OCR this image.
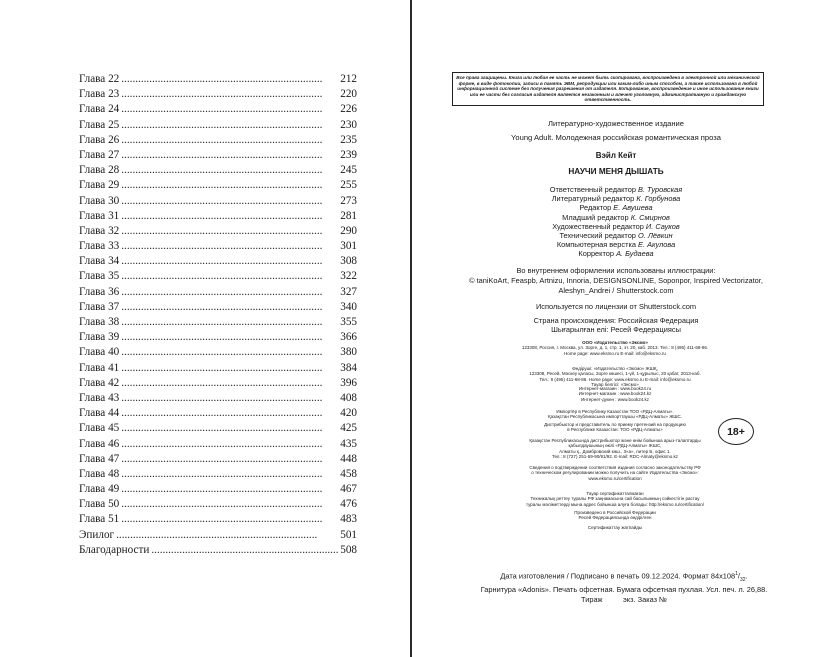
Глава 22 . . .	212
Глава 23 . . .	220
Глава 24 . . .	226
Глава 25 . . .	230
Глава 26 . . .	235
Глава 27 . . .	239
Глава 28 . . .	245
Глава 29 . . .	255
Глава 30 . . .	273
Глава 31 . . .	281
Глава 32 . . .	290
Глава 33 . . .	301
Глава 34 . . .	308
Глава 35 . . .	322
Глава 36 . . .	327
Глава 37 . . .	340
Глава 38 . . .	355
Глава 39 . . .	366
Глава 40 . . .	380
Глава 41 . . .	384
Глава 42 . . .	396
Глава 43 . . .	408
Глава 44 . . .	420
Глава 45 . . .	425
Глава 46 . . .	435
Глава 47 . . .	448
Глава 48 . . .	458
Глава 49 . . .	467
Глава 50 . . .	476
Глава 51 . . .	483
Эпилог . . .	501
Благодарности . . .	508
Все права защищены. Книга или любая ее часть не может быть скопирована, воспроизведена в электронной или механической форме, в виде фотокопии, записи в память ЭВМ, репродукции или каким-либо иным способом, а также использована в любой информационной системе без получения разрешения от издателя. Копирование, воспроизведение и иное использование книги или ее части без согласия издателя является незаконным и влечет уголовную, административную и гражданскую ответственность.
Литературно-художественное издание
Young Adult. Молодежная российская романтическая проза
Вэйл Кейт
НАУЧИ МЕНЯ ДЫШАТЬ
Ответственный редактор В. Туровская
Литературный редактор К. Горбунова
Редактор Е. Авушева
Младший редактор К. Смирнов
Художественный редактор И. Сауков
Технический редактор О. Лёвкин
Компьютерная верстка Е. Акулова
Корректор А. Будаева
Во внутреннем оформлении использованы иллюстрации:
© taniKoArt, Feaspb, Artnizu, Innoria, DESIGNSONLINE, Soponpor, Inspired Vectorizator, Aleshyn_Andrei / Shutterstock.com
Используется по лицензии от Shutterstock.com
Страна происхождения: Российская Федерация
Шығарылған елі: Ресей Федерациясы
ООО «Издательство «Эксмо»
123308, Россия, г. Москва, ул. Зорге, д. 1, стр. 1, эт. 20, каб. 2013. Тел.: 8 (495) 411-68-86.
Home page: www.eksmo.ru E-mail: info@eksmo.ru
Өндіруші: «Издательство «Эксмо» ЖШҚ,
123308, Ресей, Мәскеу қаласы, Зорге көшесі, 1-үй, 1-құрылыс, 20 қабат, 2013-каб.
Тел.: 8 (495) 411-68-86. Home page: www.eksmo.ru E-mail: info@eksmo.ru
Тауар белгісі: «Эксмо»
Интернет-магазин : www.book24.ru
Интернет-магазин : www.book24.kz
Интернет-дүкен : www.book24.kz
Импортёр в Республику Казахстан ТОО «РДЦ-Алматы».
Қазақстан Республикасына импорттаушы «РДЦ-Алматы» ЖШС.
Дистрибьютор и представитель по приему претензий на продукцию
в Республике Казахстан: ТОО «РДЦ-Алматы»
Қазақстан Республикасында дистрибьютор және өнім бойынша арыз-талаптарды
қабылдаушының өкілі «РДЦ-Алматы» ЖШС,
Алматы қ., Домбровский көш., 3«а», литер Б, офис 1.
Тел.: 8 (727) 251-59-90/91/92. E-mail: RDC-Almaty@eksmo.kz
Сведения о подтверждении соответствия издания согласно законодательству РФ
о техническом регулировании можно получить на сайте Издательства «Эксмо»:
www.eksmo.ru/certification
Тауар сертификатталмаған
Техникалық реттеу туралы РФ заңнамасына сай басылымның сәйкестігін растау
туралы мәліметтерді мына адрес бойынша алуға болады: http://eksmo.ru/certification/
Произведено в Российской Федерации
Ресей Федерациясында өндірілген
Сертификаттау жатпайды
18+
Дата изготовления / Подписано в печать 09.12.2024. Формат $84x108^1/_{32}$.
Гарнитура «Adonis». Печать офсетная. Бумага офсетная пухлая. Усл. печ. л. 26,88.
Тираж          экз. Заказ №
